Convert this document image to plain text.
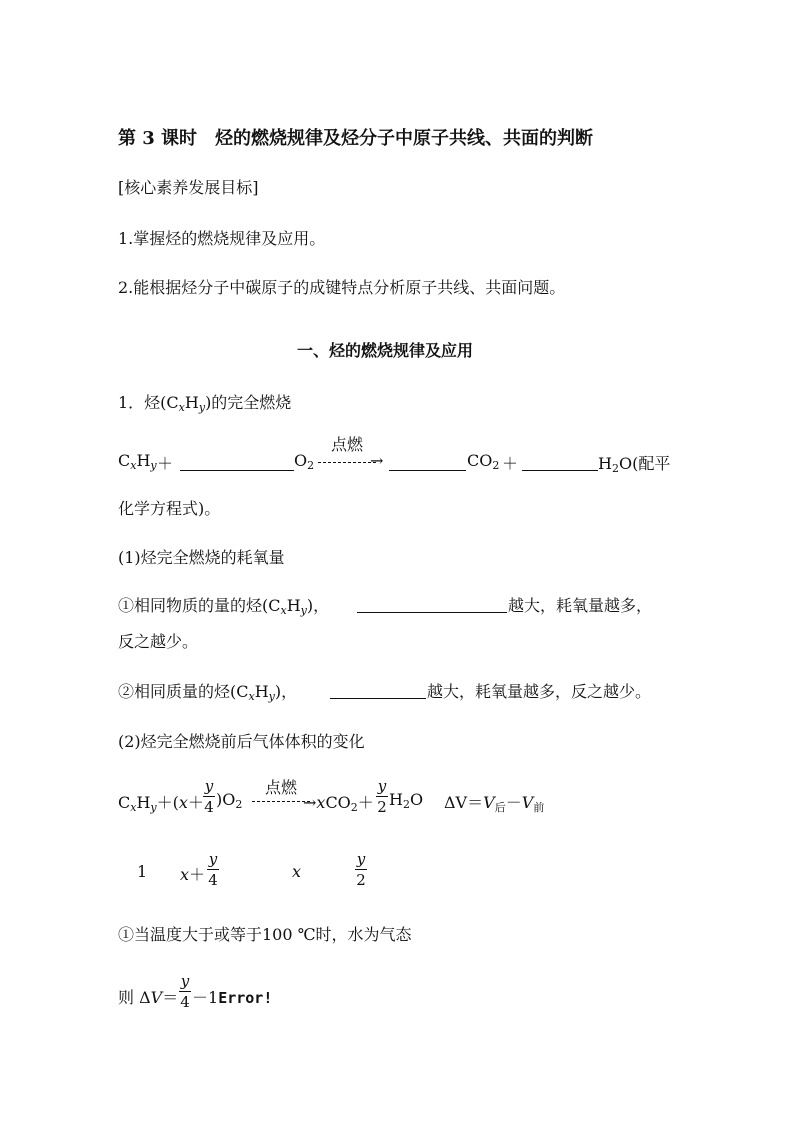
第 3 课时　烃的燃烧规律及烃分子中原子共线、共面的判断
[核心素养发展目标]
1.掌握烃的燃烧规律及应用。
2.能根据烃分子中碳原子的成键特点分析原子共线、共面问题。
一、烃的燃烧规律及应用
1．烃$(C_xH_y)$的完全燃烧
$C_xH_y$ ＋	$O_2$
点燃
→	$CO_2$ ＋	$H_2O$(配平
化学方程式)。
(1)烃完全燃烧的耗氧量
①相同物质的量的烃$(C_xH_y)$，	越大，耗氧量越多，
反之越少。
②相同质量的烃$(C_xH_y)$，	越大，耗氧量越多，反之越少。
(2)烃完全燃烧前后气体体积的变化
$C_xH_y+(x+$
y
4 )$O_2$
点燃
→xCO$_2$＋
y
2 $H_2O$ $\Delta V=V_后-V_前$
1 x＋
y
4	x
y
2
①当温度大于或等于100 ℃时，水为气态
则 ΔV＝
y
4 －1Error!
